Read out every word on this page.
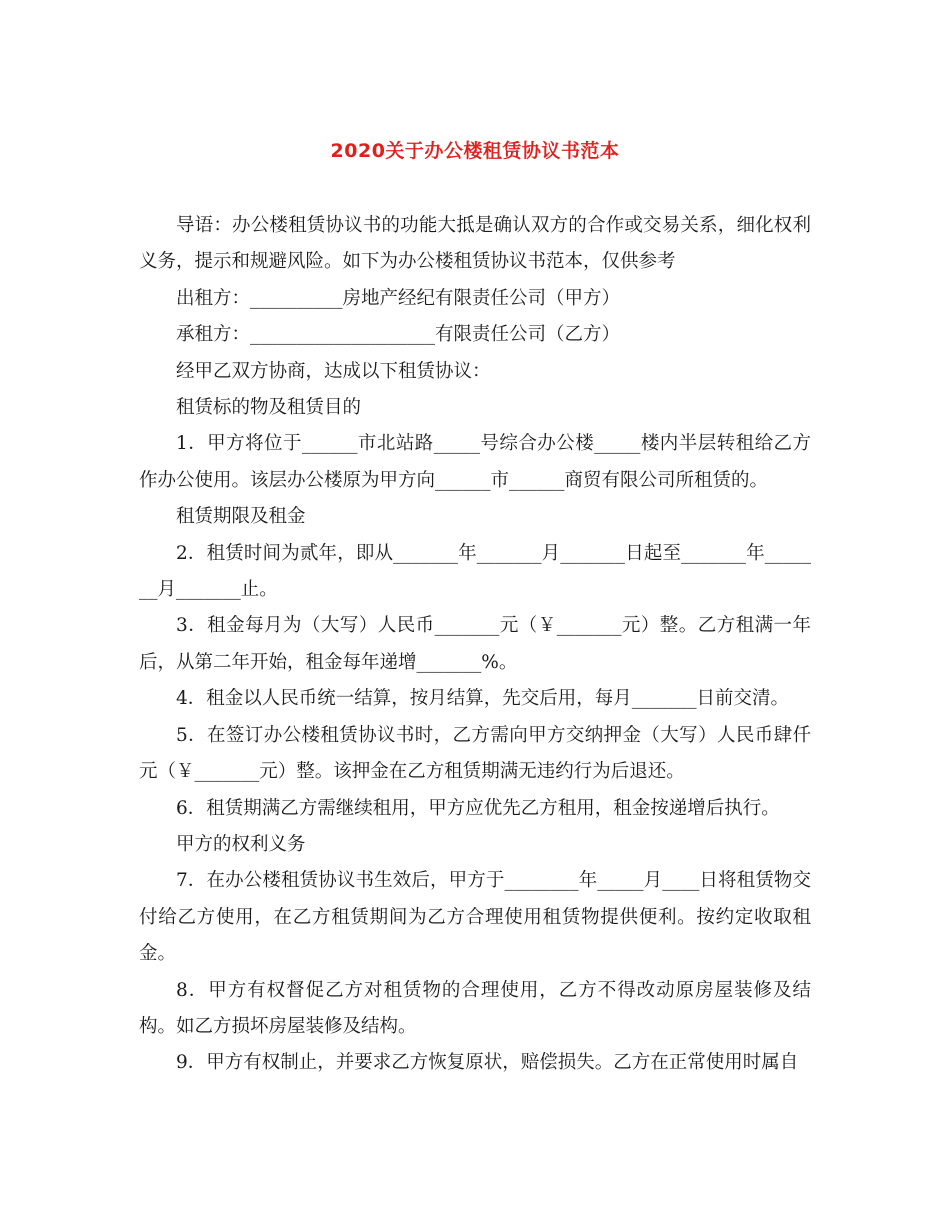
2020关于办公楼租赁协议书范本

导语：办公楼租赁协议书的功能大抵是确认双方的合作或交易关系，细化权利义务，提示和规避风险。如下为办公楼租赁协议书范本，仅供参考

出租方：__________房地产经纪有限责任公司（甲方）

承租方：____________________有限责任公司（乙方）

经甲乙双方协商，达成以下租赁协议：

租赁标的物及租赁目的

1．甲方将位于______市北站路_____号综合办公楼_____楼内半层转租给乙方作办公使用。该层办公楼原为甲方向______市______商贸有限公司所租赁的。

租赁期限及租金

2．租赁时间为贰年，即从_______年_______月_______日起至_______年_______月_______止。

3．租金每月为（大写）人民币_______元（￥_______元）整。乙方租满一年后，从第二年开始，租金每年递增_______%。

4．租金以人民币统一结算，按月结算，先交后用，每月_______日前交清。

5．在签订办公楼租赁协议书时，乙方需向甲方交纳押金（大写）人民币肆仟元（￥_______元）整。该押金在乙方租赁期满无违约行为后退还。

6．租赁期满乙方需继续租用，甲方应优先乙方租用，租金按递增后执行。

甲方的权利义务

7．在办公楼租赁协议书生效后，甲方于________年_____月____日将租赁物交付给乙方使用，在乙方租赁期间为乙方合理使用租赁物提供便利。按约定收取租金。

8．甲方有权督促乙方对租赁物的合理使用，乙方不得改动原房屋装修及结构。如乙方损坏房屋装修及结构。

9．甲方有权制止，并要求乙方恢复原状，赔偿损失。乙方在正常使用时属自
